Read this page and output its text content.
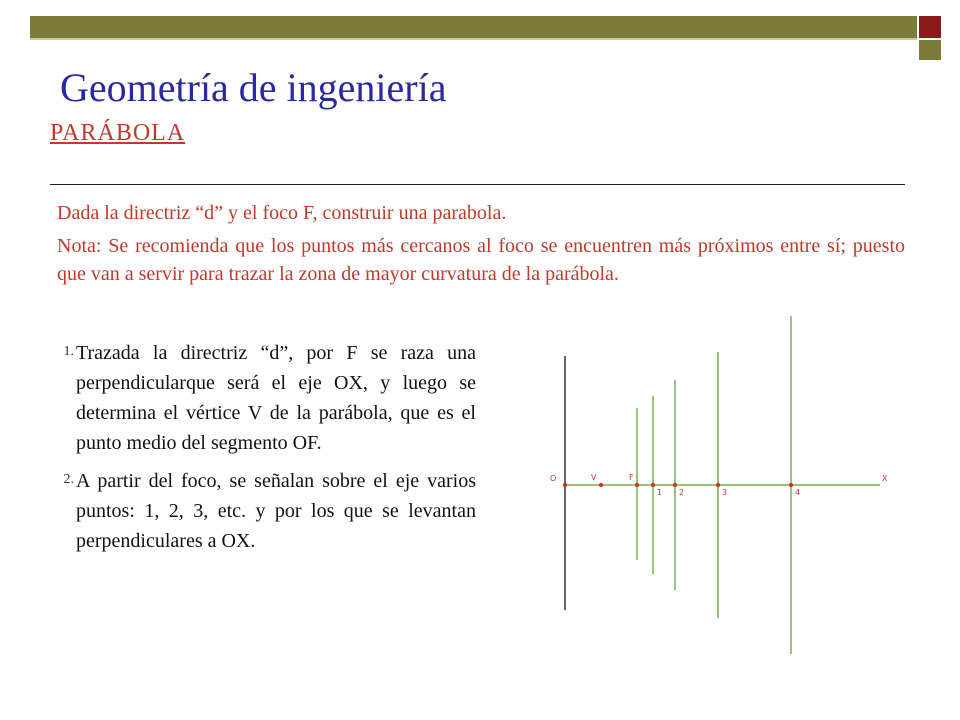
Geometría de ingeniería
PARÁBOLA
Dada la directriz “d” y el foco F, construir una parabola.
Nota: Se recomienda que los puntos más cercanos al foco se encuentren más próximos entre sí; puesto que van a servir para trazar la zona de mayor curvatura de la parábola.
1. Trazada la directriz “d”, por F se raza una perpendicularque será el eje OX, y luego se determina el vértice V de la parábola, que es el punto medio del segmento OF.
2. A partir del foco, se señalan sobre el eje varios puntos: 1, 2, 3, etc. y por los que se levantan perpendiculares a OX.
O	V	F
1 2	3	4
X
